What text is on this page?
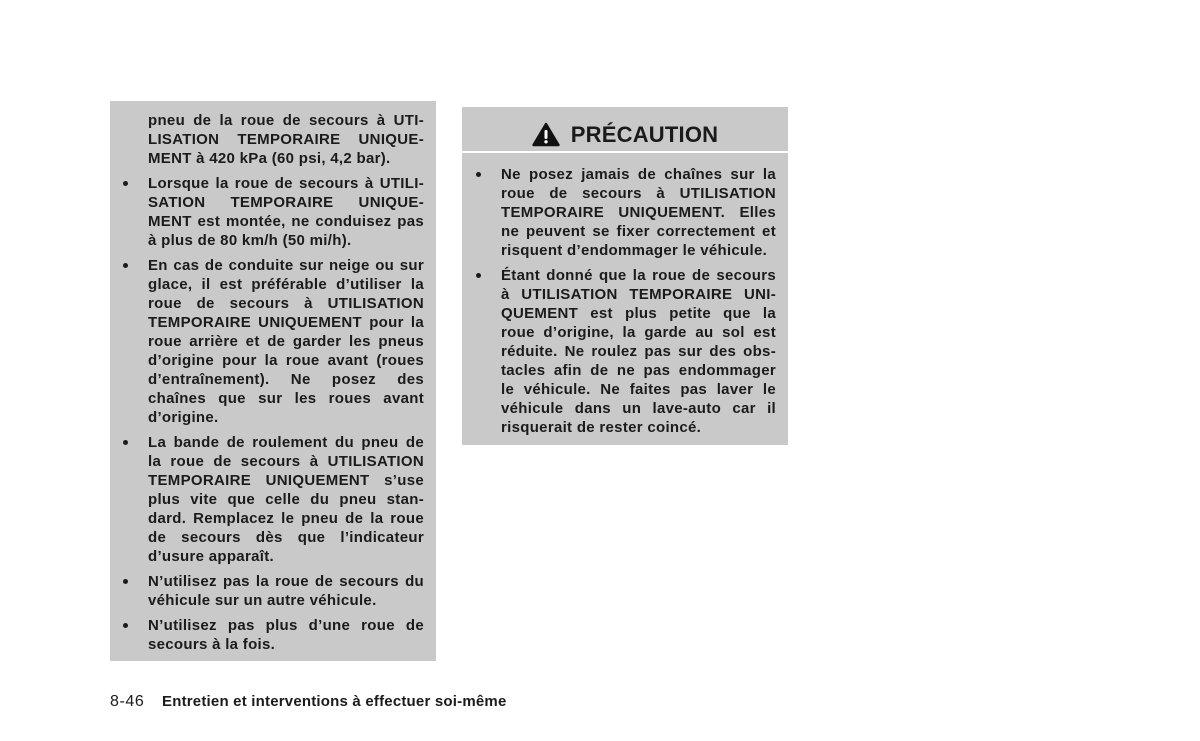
pneu de la roue de secours à UTI-
LISATION TEMPORAIRE UNIQUE-
MENT à 420 kPa (60 psi, 4,2 bar).
Lorsque la roue de secours à UTILI-
SATION TEMPORAIRE UNIQUE-
MENT est montée, ne conduisez pas
à plus de 80 km/h (50 mi/h).
En cas de conduite sur neige ou sur
glace, il est préférable d’utiliser la
roue de secours à UTILISATION
TEMPORAIRE UNIQUEMENT pour la
roue arrière et de garder les pneus
d’origine pour la roue avant (roues
d’entraînement). Ne posez des
chaînes que sur les roues avant
d’origine.
La bande de roulement du pneu de
la roue de secours à UTILISATION
TEMPORAIRE UNIQUEMENT s’use
plus vite que celle du pneu stan-
dard. Remplacez le pneu de la roue
de secours dès que l’indicateur
d’usure apparaît.
N’utilisez pas la roue de secours du
véhicule sur un autre véhicule.
N’utilisez pas plus d’une roue de
secours à la fois.
PRÉCAUTION
Ne posez jamais de chaînes sur la
roue de secours à UTILISATION
TEMPORAIRE UNIQUEMENT. Elles
ne peuvent se fixer correctement et
risquent d’endommager le véhicule.
Étant donné que la roue de secours
à UTILISATION TEMPORAIRE UNI-
QUEMENT est plus petite que la
roue d’origine, la garde au sol est
réduite. Ne roulez pas sur des obs-
tacles afin de ne pas endommager
le véhicule. Ne faites pas laver le
véhicule dans un lave-auto car il
risquerait de rester coincé.
8-46 Entretien et interventions à effectuer soi-même
